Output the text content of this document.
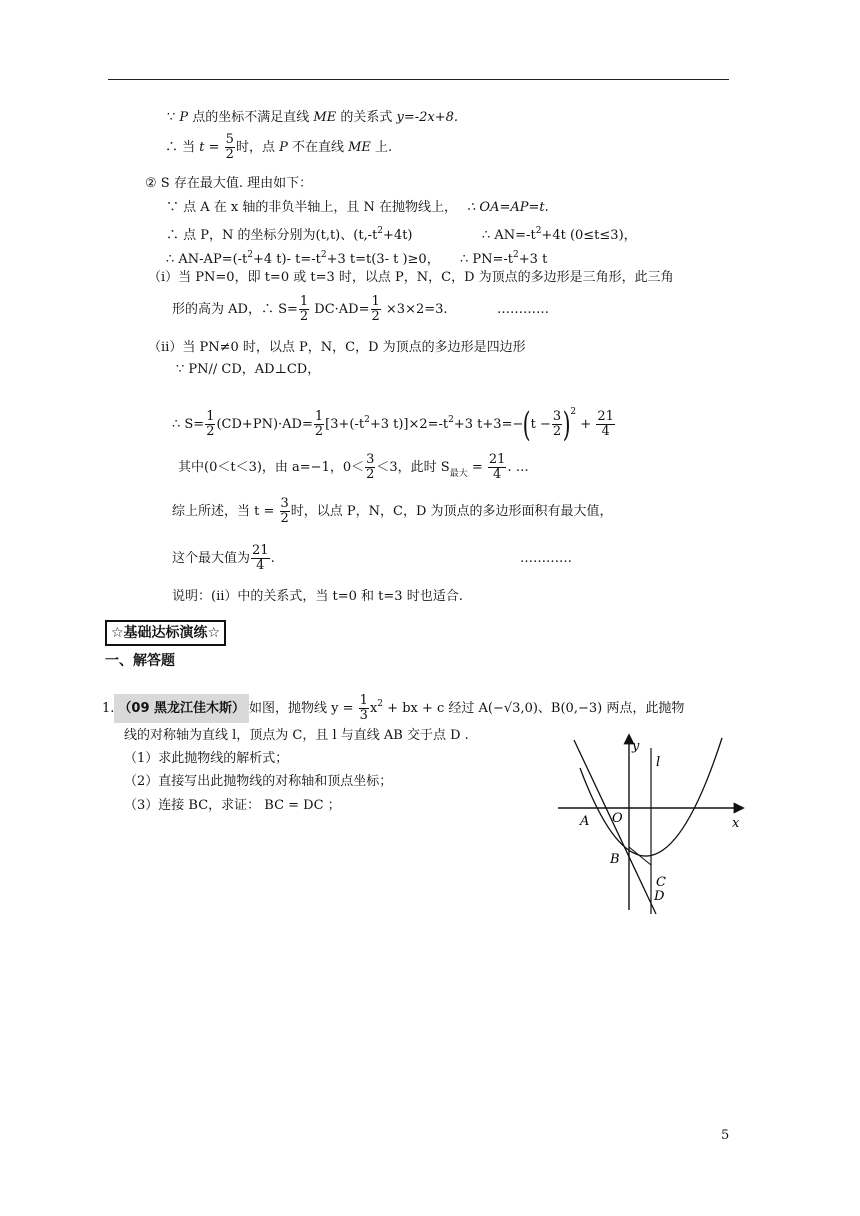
∵ P 点的坐标不满足直线 ME 的关系式 y=-2x+8.
∴ 当 $t = \frac{5}{2}$ 时，点 P 不在直线 ME 上.
② S 存在最大值. 理由如下：
∵ 点 A 在 x 轴的非负半轴上，且 N 在抛物线上， ∴ OA=AP=t.
∴ 点 P，N 的坐标分别为(t,t)、$(t,-t^2+4t)$	∴ $AN=-t^2+4t$ (0≤t≤3)，
∴ $AN-AP=(-t^2+4$ t)- $t=-t^2+3$ t=t(3- t )≥0， ∴ $PN=-t^2+3$ t
（ⅰ）当 PN=0，即 t=0 或 t=3 时，以点 P，N，C，D 为顶点的多边形是三角形，此三角
形的高为 AD，∴ $S= \frac{1}{2} DC\cdot AD= \frac{1}{2} \times 3\times 2=3$.	…………
（ⅱ）当 PN≠0 时，以点 P，N，C，D 为顶点的多边形是四边形
∵ PN// CD，AD⊥CD，
∴ $S= \frac{1}{2} (CD+PN)\cdot AD= \frac{1}{2} [3+(-t^2+3$ $t)]\times 2=-t^2+3$ $t+3=-(t - \frac{3}{2} )^2 + \frac{21}{4}$
其中(0＜t＜3)，由 a=−1，$0< \frac{3}{2} <3$，此时 $S_{最大} = \frac{21}{4}$ . …
综上所述，当 $t = \frac{3}{2}$ 时，以点 P，N，C，D 为顶点的多边形面积有最大值，
这个最大值为 $\frac{21}{4}$ .	…………
说明：(ⅱ）中的关系式，当 t=0 和 t=3 时也适合.
☆基础达标演练☆
一、解答题
1. （09 黑龙江佳木斯） 如图，抛物线 $y = \frac{1}{3} x^2$ + bx + c 经过 A(−√3,0)、B(0,−3) 两点，此抛物
线的对称轴为直线 l，顶点为 C，且 l 与直线 AB 交于点 D .
（1）求此抛物线的解析式；
（2）直接写出此抛物线的对称轴和顶点坐标；
（3）连接 BC，求证： BC = DC ；
y
l
x
A O
B
C
D
5
